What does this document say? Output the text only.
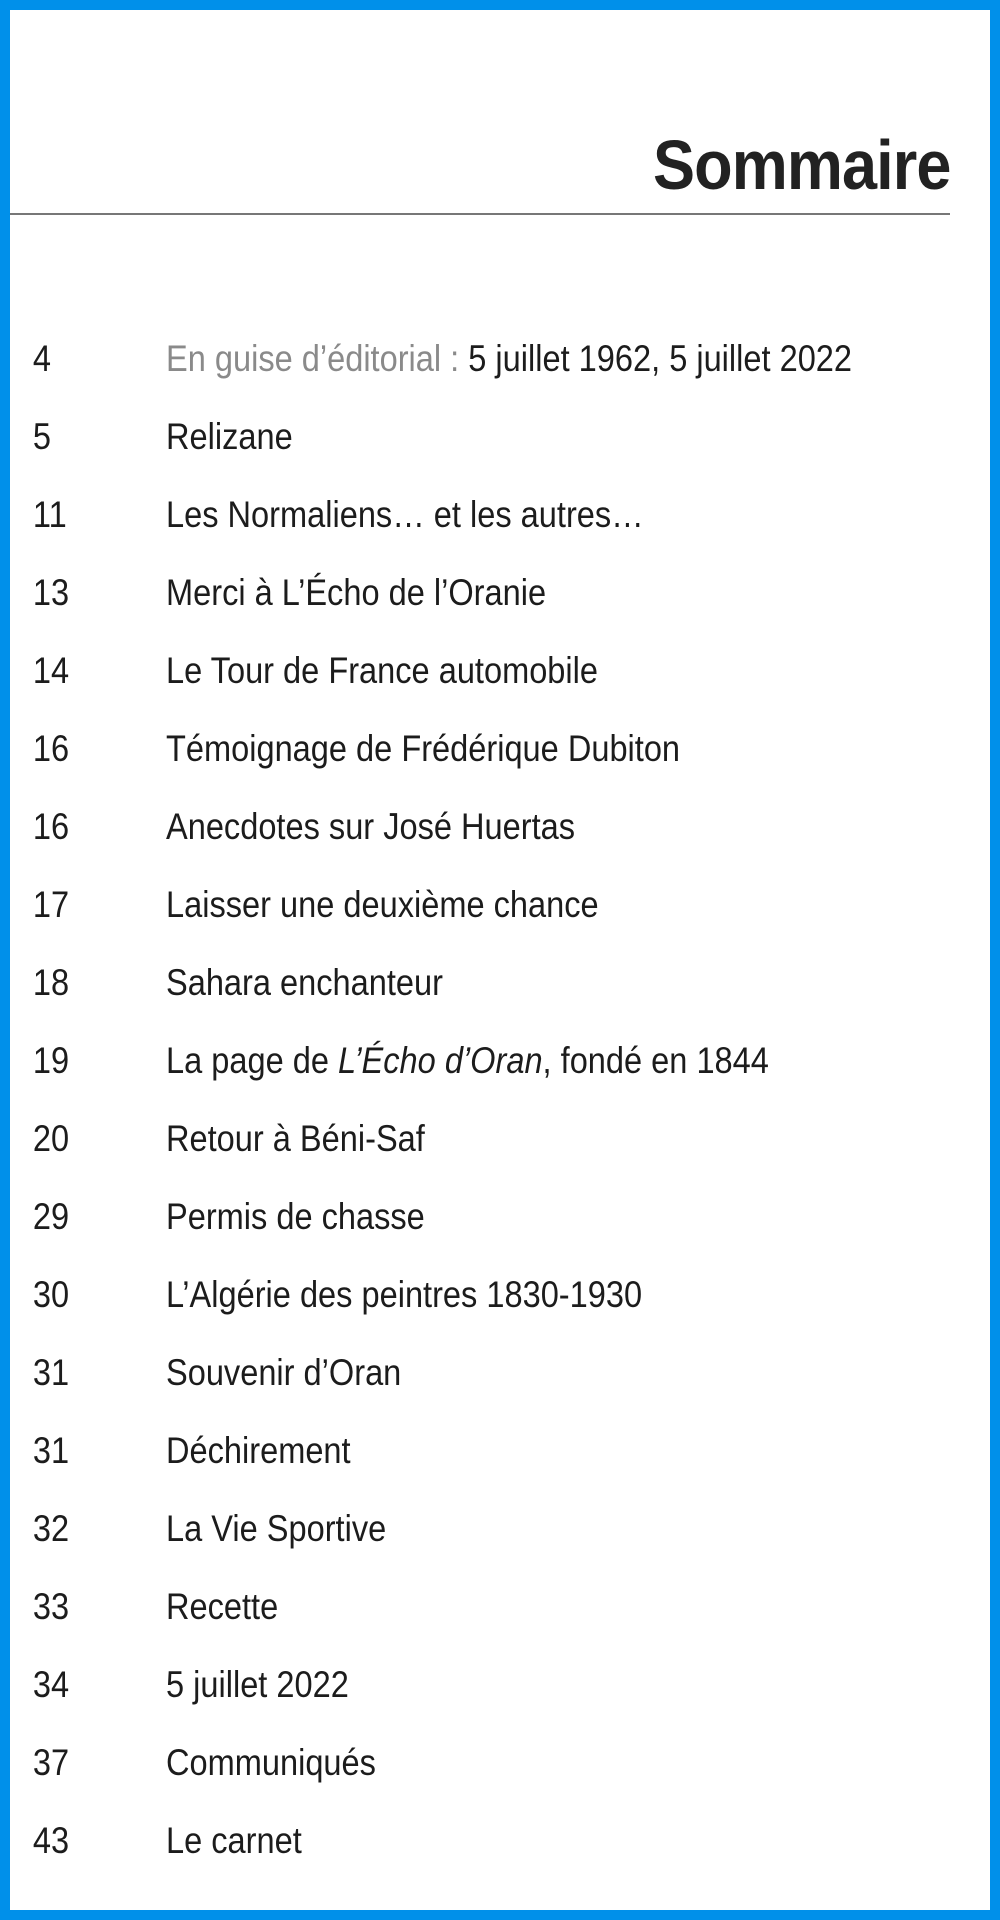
Sommaire
4	En guise d’éditorial : 5 juillet 1962, 5 juillet 2022
5	Relizane
11	Les Normaliens… et les autres…
13	Merci à L’Écho de l’Oranie
14	Le Tour de France automobile
16	Témoignage de Frédérique Dubiton
16	Anecdotes sur José Huertas
17	Laisser une deuxième chance
18	Sahara enchanteur
19	La page de L’Écho d’Oran, fondé en 1844
20	Retour à Béni-Saf
29	Permis de chasse
30	L’Algérie des peintres 1830-1930
31	Souvenir d’Oran
31	Déchirement
32	La Vie Sportive
33	Recette
34	5 juillet 2022
37	Communiqués
43	Le carnet
